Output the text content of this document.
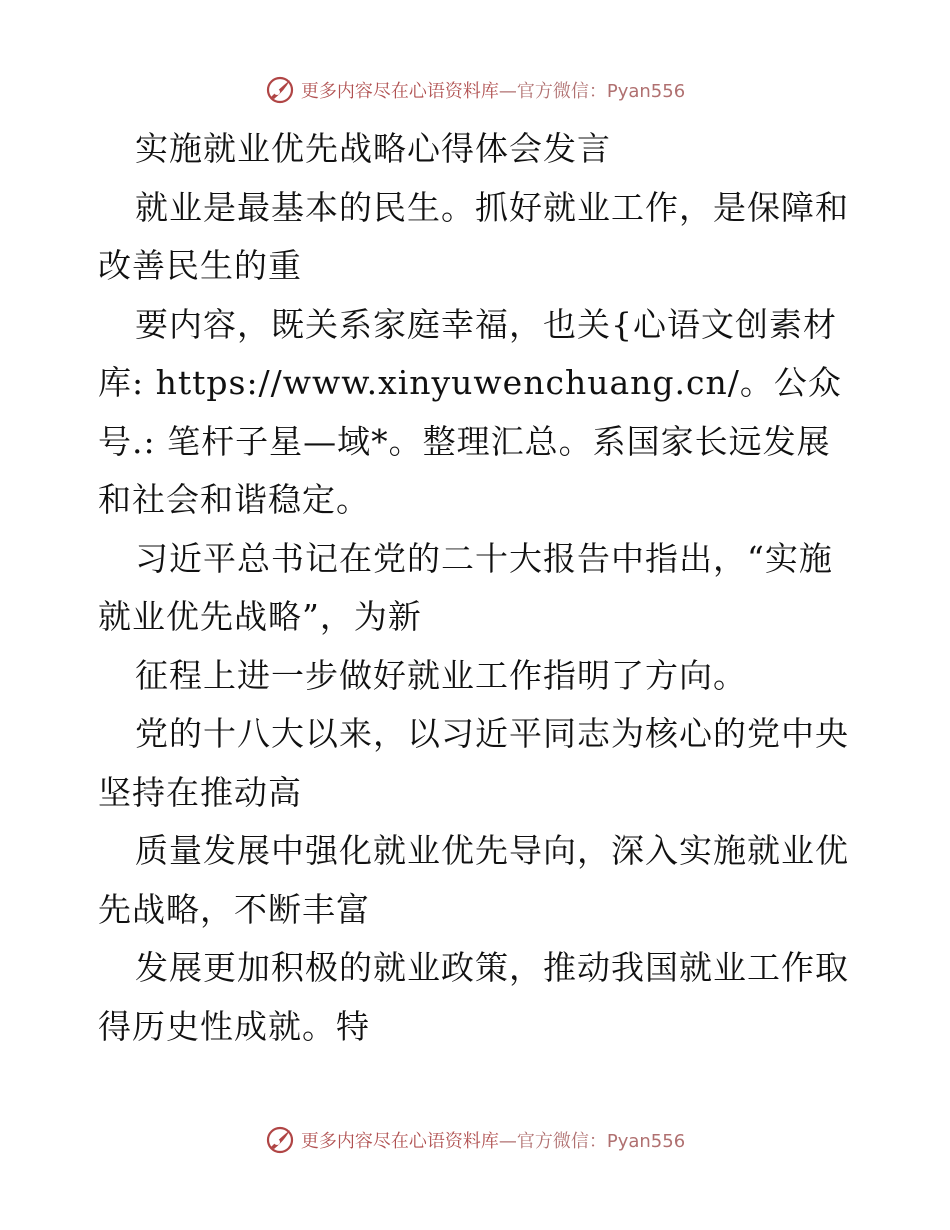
更多内容尽在心语资料库—官方微信：Pyan556
实施就业优先战略心得体会发言
就业是最基本的民生。抓好就业工作，是保障和
改善民生的重
要内容，既关系家庭幸福，也关{心语文创素材
库: https://www.xinyuwenchuang.cn/。公众
号.: 笔杆子星—域*。整理汇总。系国家长远发展
和社会和谐稳定。
习近平总书记在党的二十大报告中指出，“实施
就业优先战略”，为新
征程上进一步做好就业工作指明了方向。
党的十八大以来，以习近平同志为核心的党中央
坚持在推动高
质量发展中强化就业优先导向，深入实施就业优
先战略，不断丰富
发展更加积极的就业政策，推动我国就业工作取
得历史性成就。特
更多内容尽在心语资料库—官方微信：Pyan556
